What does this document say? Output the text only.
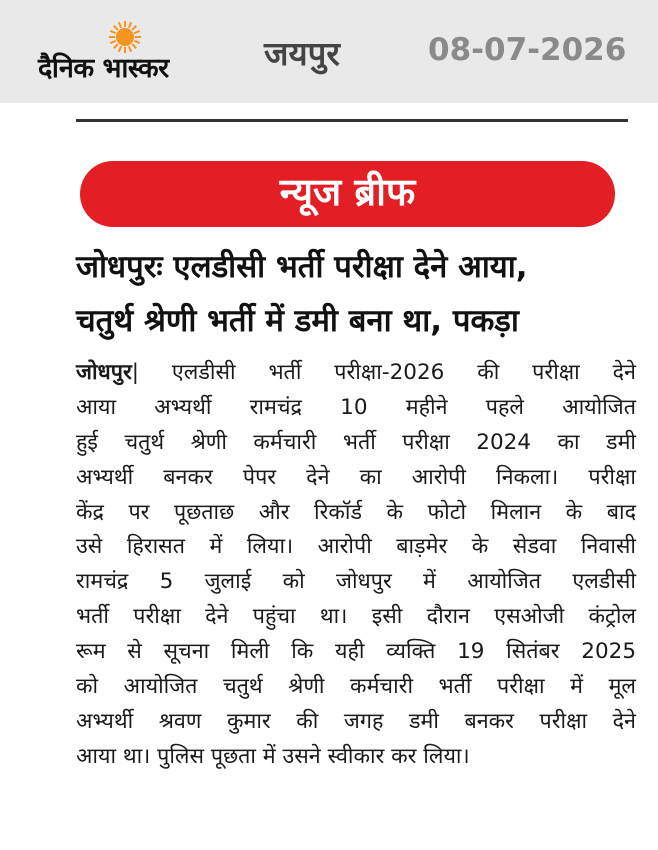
दैनिक भास्कर	जयपुर	08-07-2026
न्यूज ब्रीफ
जोधपुरः एलडीसी भर्ती परीक्षा देने आया,
चतुर्थ श्रेणी भर्ती में डमी बना था, पकड़ा
जोधपुर| एलडीसी भर्ती परीक्षा-2026 की परीक्षा देने
आया अभ्यर्थी रामचंद्र 10 महीने पहले आयोजित
हुई चतुर्थ श्रेणी कर्मचारी भर्ती परीक्षा 2024 का डमी
अभ्यर्थी बनकर पेपर देने का आरोपी निकला। परीक्षा
केंद्र पर पूछताछ और रिकॉर्ड के फोटो मिलान के बाद
उसे हिरासत में लिया। आरोपी बाड़मेर के सेडवा निवासी
रामचंद्र 5 जुलाई को जोधपुर में आयोजित एलडीसी
भर्ती परीक्षा देने पहुंचा था। इसी दौरान एसओजी कंट्रोल
रूम से सूचना मिली कि यही व्यक्ति 19 सितंबर 2025
को आयोजित चतुर्थ श्रेणी कर्मचारी भर्ती परीक्षा में मूल
अभ्यर्थी श्रवण कुमार की जगह डमी बनकर परीक्षा देने
आया था। पुलिस पूछता में उसने स्वीकार कर लिया।
